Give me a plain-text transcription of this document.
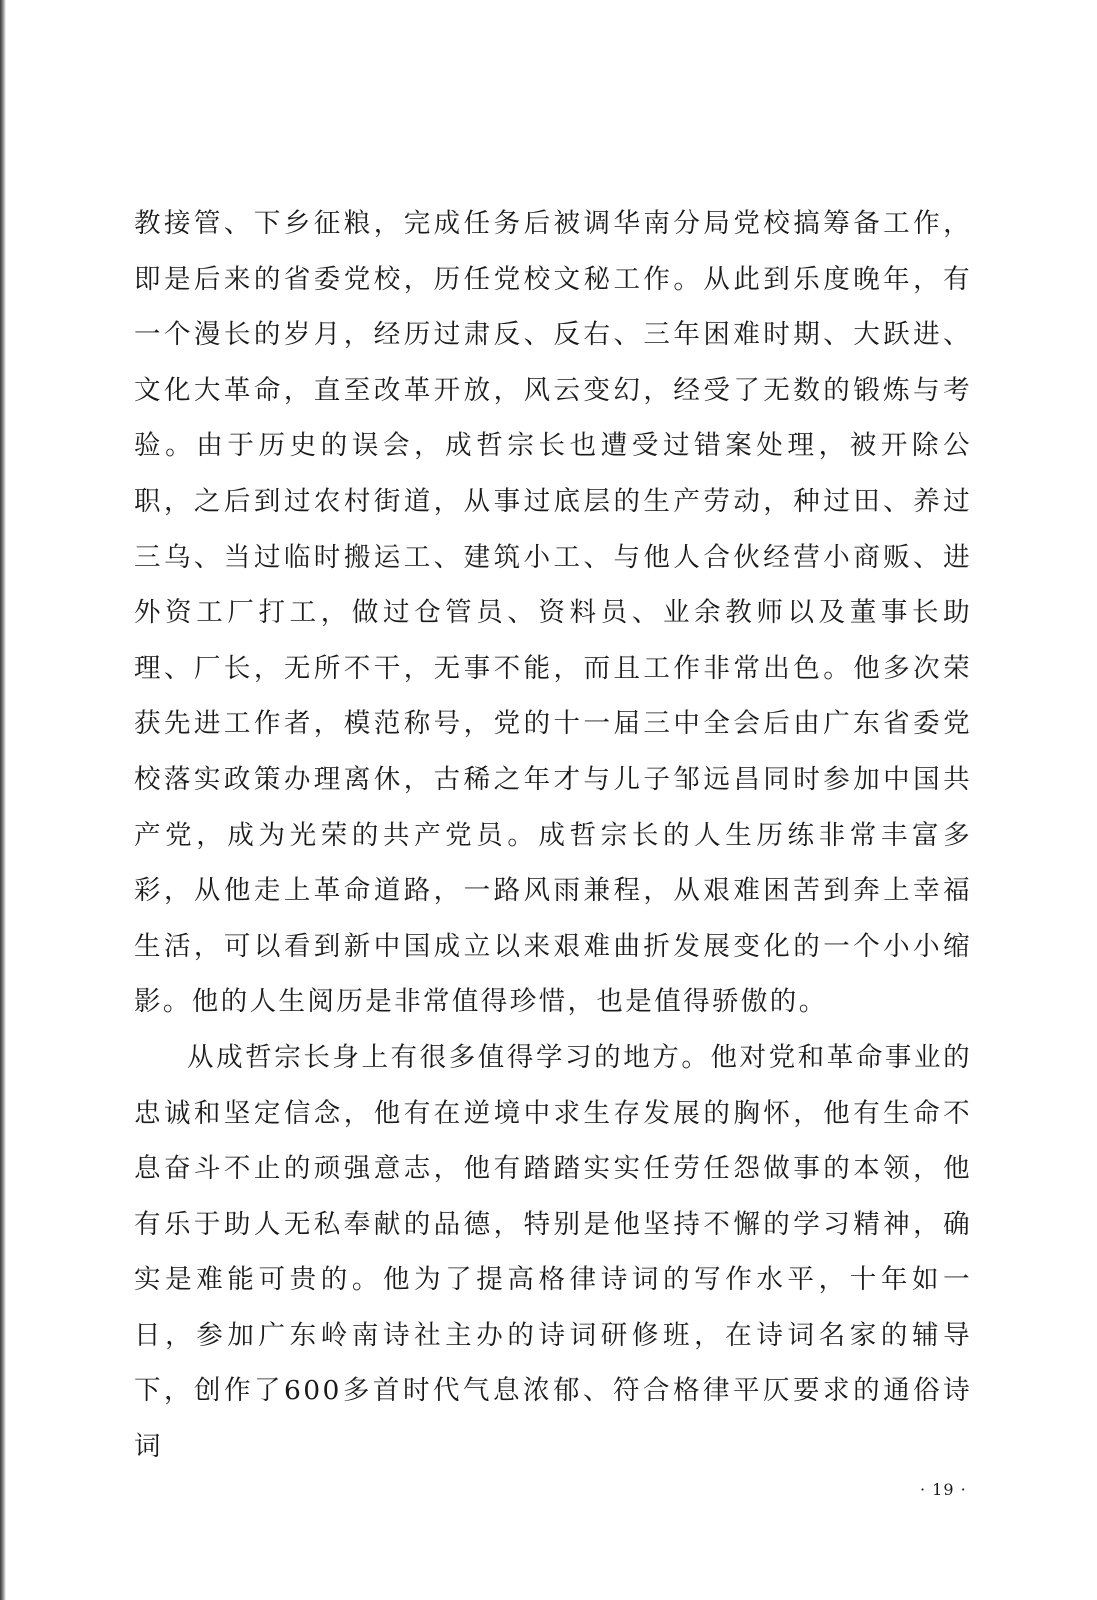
教接管、下乡征粮，完成任务后被调华南分局党校搞筹备工作，即是后来的省委党校，历任党校文秘工作。从此到乐度晚年，有一个漫长的岁月，经历过肃反、反右、三年困难时期、大跃进、文化大革命，直至改革开放，风云变幻，经受了无数的锻炼与考验。由于历史的误会，成哲宗长也遭受过错案处理，被开除公职，之后到过农村街道，从事过底层的生产劳动，种过田、养过三乌、当过临时搬运工、建筑小工、与他人合伙经营小商贩、进外资工厂打工，做过仓管员、资料员、业余教师以及董事长助理、厂长，无所不干，无事不能，而且工作非常出色。他多次荣获先进工作者，模范称号，党的十一届三中全会后由广东省委党校落实政策办理离休，古稀之年才与儿子邹远昌同时参加中国共产党，成为光荣的共产党员。成哲宗长的人生历练非常丰富多彩，从他走上革命道路，一路风雨兼程，从艰难困苦到奔上幸福生活，可以看到新中国成立以来艰难曲折发展变化的一个小小缩影。他的人生阅历是非常值得珍惜，也是值得骄傲的。

从成哲宗长身上有很多值得学习的地方。他对党和革命事业的忠诚和坚定信念，他有在逆境中求生存发展的胸怀，他有生命不息奋斗不止的顽强意志，他有踏踏实实任劳任怨做事的本领，他有乐于助人无私奉献的品德，特别是他坚持不懈的学习精神，确实是难能可贵的。他为了提高格律诗词的写作水平，十年如一日，参加广东岭南诗社主办的诗词研修班，在诗词名家的辅导下，创作了600多首时代气息浓郁、符合格律平仄要求的通俗诗词

· 19 ·
